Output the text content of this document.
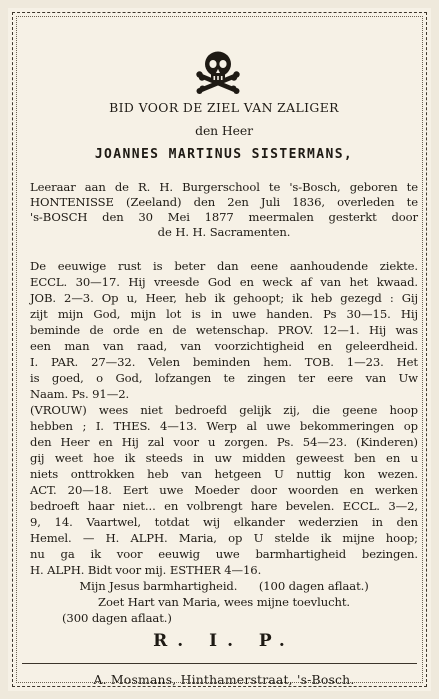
BID VOOR DE ZIEL VAN ZALIGER
den Heer
JOANNES MARTINUS SISTERMANS,
Leeraar aan de R. H. Burgerschool te 's-Bosch, geboren te
HONTENISSE (Zeeland) den 2en Juli 1836, overleden te
's-BOSCH den 30 Mei 1877 meermalen gesterkt door
de H. H. Sacramenten.
De eeuwige rust is beter dan eene aanhoudende ziekte.
ECCL. 30—17. Hij vreesde God en weck af van het kwaad.
JOB. 2—3. Op u, Heer, heb ik gehoopt; ik heb gezegd : Gij
zijt mijn God, mijn lot is in uwe handen. Ps 30—15. Hij
beminde de orde en de wetenschap. PROV. 12—1. Hij was
een man van raad, van voorzichtigheid en geleerdheid.
I. PAR. 27—32. Velen beminden hem. TOB. 1—23. Het
is goed, o God, lofzangen te zingen ter eere van Uw
Naam. Ps. 91—2.
(VROUW) wees niet bedroefd gelijk zij, die geene hoop
hebben ; I. THES. 4—13. Werp al uwe bekommeringen op
den Heer en Hij zal voor u zorgen. Ps. 54—23. (Kinderen)
gij weet hoe ik steeds in uw midden geweest ben en u
niets onttrokken heb van hetgeen U nuttig kon wezen.
ACT. 20—18. Eert uwe Moeder door woorden en werken
bedroeft haar niet... en volbrengt hare bevelen. ECCL. 3—2,
9, 14. Vaartwel, totdat wij elkander wederzien in den
Hemel. — H. ALPH. Maria, op U stelde ik mijne hoop;
nu ga ik voor eeuwig uwe barmhartigheid bezingen.
H. ALPH. Bidt voor mij. ESTHER 4—16.
Mijn Jesus barmhartigheid.      (100 dagen aflaat.)
Zoet Hart van Maria, wees mijne toevlucht.
(300 dagen aflaat.)
R. I. P.
A. Mosmans, Hinthamerstraat, 's-Bosch.
